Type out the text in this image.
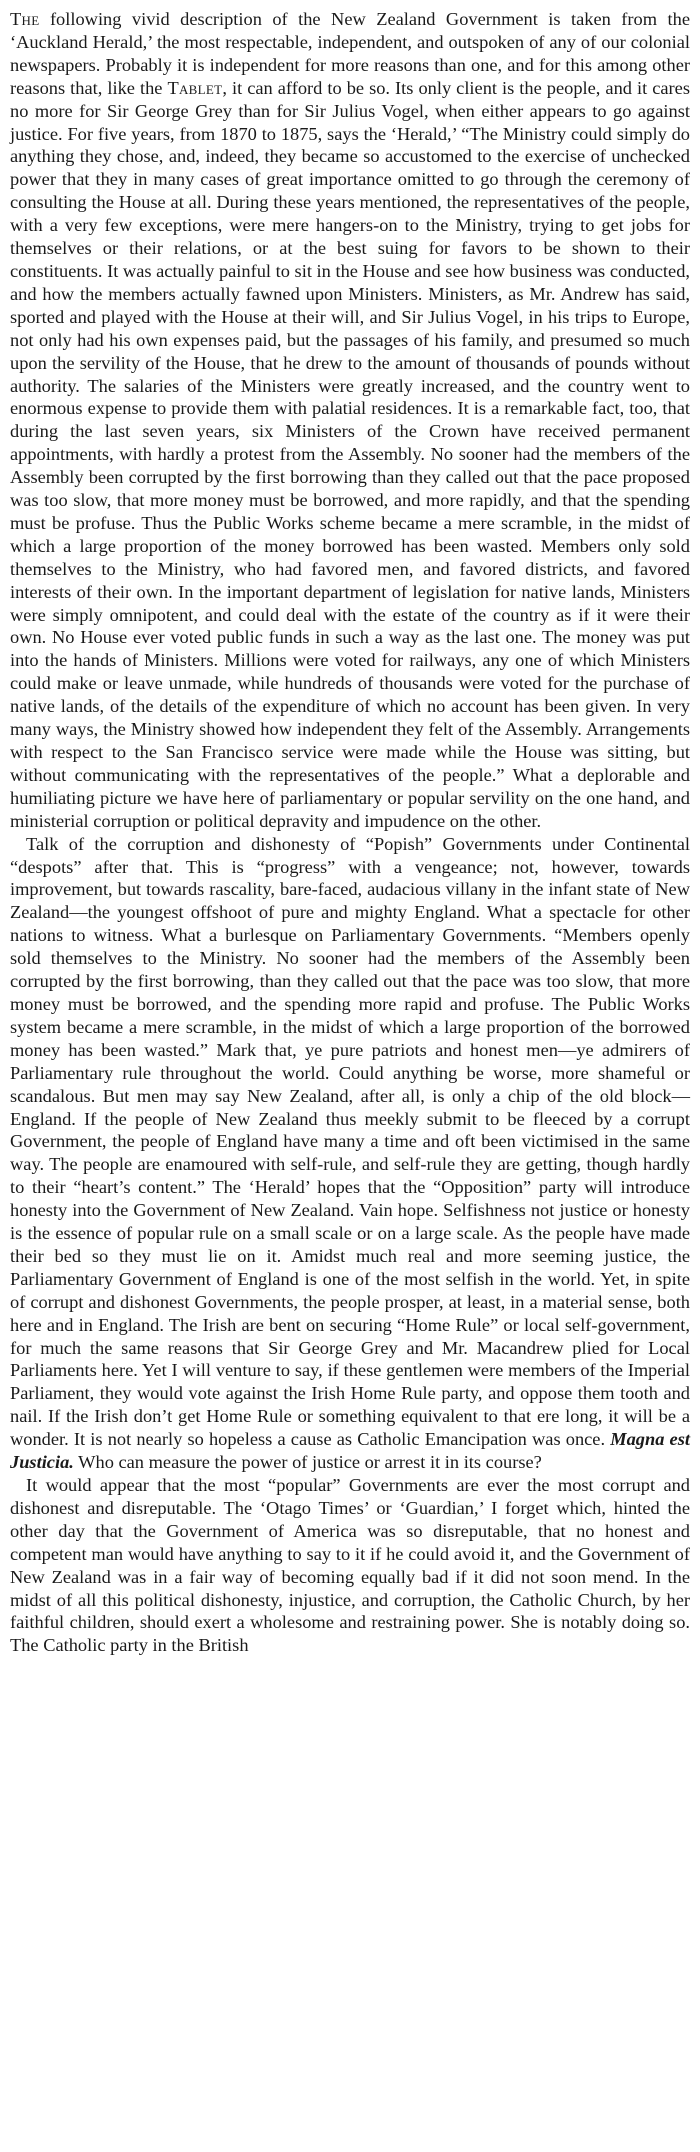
The following vivid description of the New Zealand Government is taken from the ‘Auckland Herald,’ the most respectable, independent, and outspoken of any of our colonial newspapers. Probably it is independent for more reasons than one, and for this among other reasons that, like the Tablet, it can afford to be so. Its only client is the people, and it cares no more for Sir George Grey than for Sir Julius Vogel, when either appears to go against justice. For five years, from 1870 to 1875, says the ‘Herald,’ “The Ministry could simply do anything they chose, and, indeed, they became so accustomed to the exercise of unchecked power that they in many cases of great importance omitted to go through the ceremony of consulting the House at all. During these years mentioned, the representatives of the people, with a very few exceptions, were mere hangers-on to the Ministry, trying to get jobs for themselves or their relations, or at the best suing for favors to be shown to their constituents. It was actually painful to sit in the House and see how business was conducted, and how the members actually fawned upon Ministers. Ministers, as Mr. Andrew has said, sported and played with the House at their will, and Sir Julius Vogel, in his trips to Europe, not only had his own expenses paid, but the passages of his family, and presumed so much upon the servility of the House, that he drew to the amount of thousands of pounds without authority. The salaries of the Ministers were greatly increased, and the country went to enormous expense to provide them with palatial residences. It is a remarkable fact, too, that during the last seven years, six Ministers of the Crown have received permanent appointments, with hardly a protest from the Assembly. No sooner had the members of the Assembly been corrupted by the first borrowing than they called out that the pace proposed was too slow, that more money must be borrowed, and more rapidly, and that the spending must be profuse. Thus the Public Works scheme became a mere scramble, in the midst of which a large proportion of the money borrowed has been wasted. Members only sold themselves to the Ministry, who had favored men, and favored districts, and favored interests of their own. In the important department of legislation for native lands, Ministers were simply omnipotent, and could deal with the estate of the country as if it were their own. No House ever voted public funds in such a way as the last one. The money was put into the hands of Ministers. Millions were voted for railways, any one of which Ministers could make or leave unmade, while hundreds of thousands were voted for the purchase of native lands, of the details of the expenditure of which no account has been given. In very many ways, the Ministry showed how independent they felt of the Assembly. Arrangements with respect to the San Francisco service were made while the House was sitting, but without communicating with the representatives of the people.” What a deplorable and humiliating picture we have here of parliamentary or popular servility on the one hand, and ministerial corruption or political depravity and impudence on the other.

Talk of the corruption and dishonesty of “Popish” Governments under Continental “despots” after that. This is “progress” with a vengeance; not, however, towards improvement, but towards rascality, bare-faced, audacious villany in the infant state of New Zealand—the youngest offshoot of pure and mighty England. What a spectacle for other nations to witness. What a burlesque on Parliamentary Governments. “Members openly sold themselves to the Ministry. No sooner had the members of the Assembly been corrupted by the first borrowing, than they called out that the pace was too slow, that more money must be borrowed, and the spending more rapid and profuse. The Public Works system became a mere scramble, in the midst of which a large proportion of the borrowed money has been wasted.” Mark that, ye pure patriots and honest men—ye admirers of Parliamentary rule throughout the world. Could anything be worse, more shameful or scandalous. But men may say New Zealand, after all, is only a chip of the old block—England. If the people of New Zealand thus meekly submit to be fleeced by a corrupt Government, the people of England have many a time and oft been victimised in the same way. The people are enamoured with self-rule, and self-rule they are getting, though hardly to their “heart’s content.” The ‘Herald’ hopes that the “Opposition” party will introduce honesty into the Government of New Zealand. Vain hope. Selfishness not justice or honesty is the essence of popular rule on a small scale or on a large scale. As the people have made their bed so they must lie on it. Amidst much real and more seeming justice, the Parliamentary Government of England is one of the most selfish in the world. Yet, in spite of corrupt and dishonest Governments, the people prosper, at least, in a material sense, both here and in England. The Irish are bent on securing “Home Rule” or local self-government, for much the same reasons that Sir George Grey and Mr. Macandrew plied for Local Parliaments here. Yet I will venture to say, if these gentlemen were members of the Imperial Parliament, they would vote against the Irish Home Rule party, and oppose them tooth and nail. If the Irish don’t get Home Rule or something equivalent to that ere long, it will be a wonder. It is not nearly so hopeless a cause as Catholic Emancipation was once. Magna est Justicia. Who can measure the power of justice or arrest it in its course?

It would appear that the most “popular” Governments are ever the most corrupt and dishonest and disreputable. The ‘Otago Times’ or ‘Guardian,’ I forget which, hinted the other day that the Government of America was so disreputable, that no honest and competent man would have anything to say to it if he could avoid it, and the Government of New Zealand was in a fair way of becoming equally bad if it did not soon mend. In the midst of all this political dishonesty, injustice, and corruption, the Catholic Church, by her faithful children, should exert a wholesome and restraining power. She is notably doing so. The Catholic party in the British
